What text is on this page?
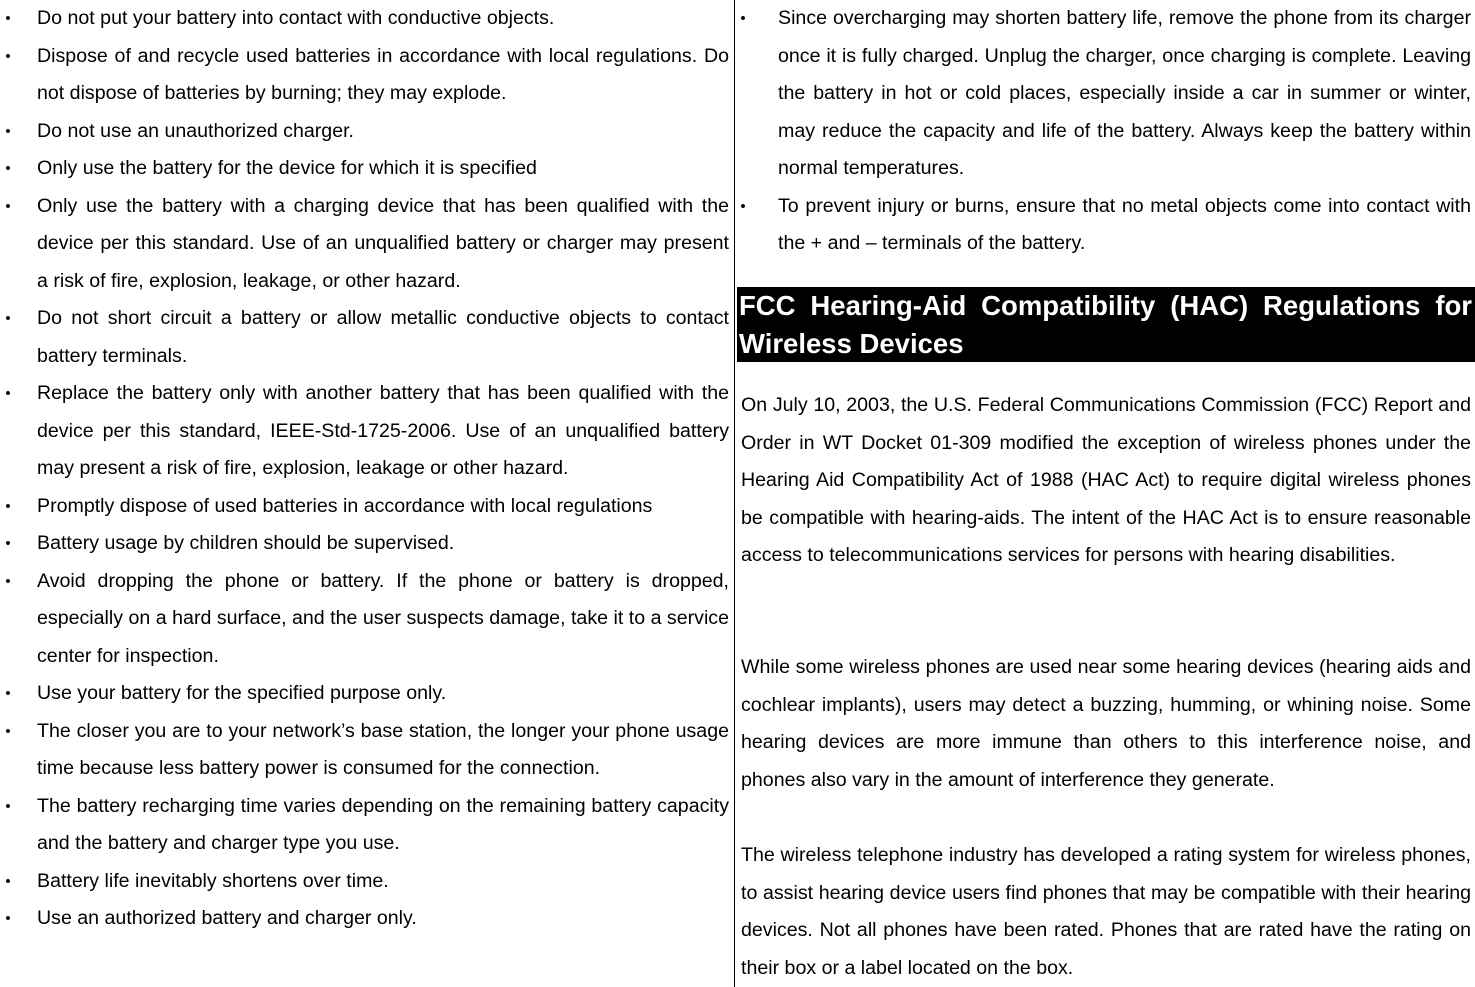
• Do not put your battery into contact with conductive objects.
• Dispose of and recycle used batteries in accordance with local regulations. Do not dispose of batteries by burning; they may explode.
• Do not use an unauthorized charger.
• Only use the battery for the device for which it is specified
• Only use the battery with a charging device that has been qualified with the device per this standard. Use of an unqualified battery or charger may present a risk of fire, explosion, leakage, or other hazard.
• Do not short circuit a battery or allow metallic conductive objects to contact battery terminals.
• Replace the battery only with another battery that has been qualified with the device per this standard, IEEE-Std-1725-2006. Use of an unqualified battery may present a risk of fire, explosion, leakage or other hazard.
• Promptly dispose of used batteries in accordance with local regulations
• Battery usage by children should be supervised.
• Avoid dropping the phone or battery. If the phone or battery is dropped, especially on a hard surface, and the user suspects damage, take it to a service center for inspection.
• Use your battery for the specified purpose only.
• The closer you are to your network’s base station, the longer your phone usage time because less battery power is consumed for the connection.
• The battery recharging time varies depending on the remaining battery capacity and the battery and charger type you use.
• Battery life inevitably shortens over time.
• Use an authorized battery and charger only.
• Since overcharging may shorten battery life, remove the phone from its charger once it is fully charged. Unplug the charger, once charging is complete. Leaving the battery in hot or cold places, especially inside a car in summer or winter, may reduce the capacity and life of the battery. Always keep the battery within normal temperatures.
• To prevent injury or burns, ensure that no metal objects come into contact with the + and – terminals of the battery.
FCC Hearing-Aid Compatibility (HAC) Regulations for Wireless Devices

On July 10, 2003, the U.S. Federal Communications Commission (FCC) Report and Order in WT Docket 01-309 modified the exception of wireless phones under the Hearing Aid Compatibility Act of 1988 (HAC Act) to require digital wireless phones be compatible with hearing-aids. The intent of the HAC Act is to ensure reasonable access to telecommunications services for persons with hearing disabilities.

While some wireless phones are used near some hearing devices (hearing aids and cochlear implants), users may detect a buzzing, humming, or whining noise. Some hearing devices are more immune than others to this interference noise, and phones also vary in the amount of interference they generate.

The wireless telephone industry has developed a rating system for wireless phones, to assist hearing device users find phones that may be compatible with their hearing devices. Not all phones have been rated. Phones that are rated have the rating on their box or a label located on the box.
